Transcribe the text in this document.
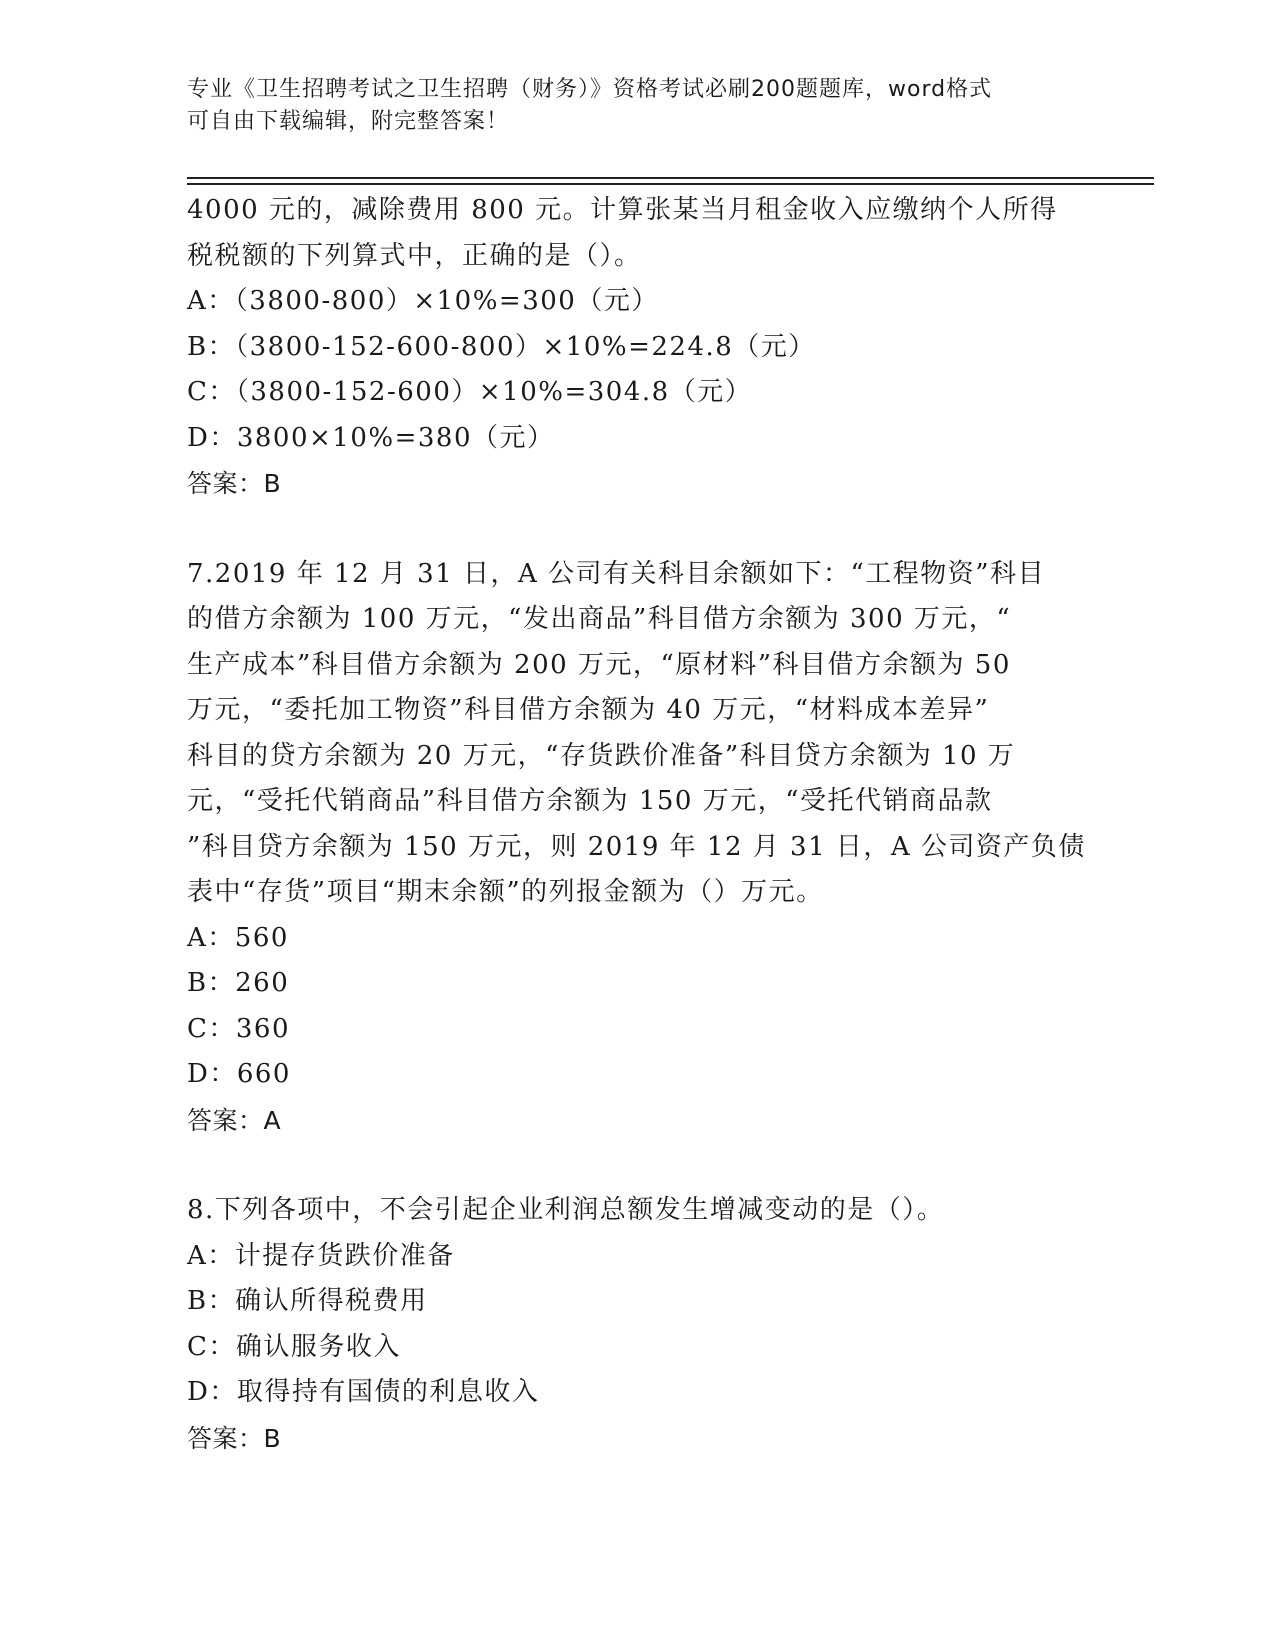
专业《卫生招聘考试之卫生招聘（财务）》资格考试必刷200题题库，word格式
可自由下载编辑，附完整答案！
4000 元的，减除费用 800 元。计算张某当月租金收入应缴纳个人所得
税税额的下列算式中，正确的是（）。
A：（3800-800）×10%=300（元）
B：（3800-152-600-800）×10%=224.8（元）
C：（3800-152-600）×10%=304.8（元）
D：3800×10%=380（元）
答案：B
7.2019 年 12 月 31 日，A 公司有关科目余额如下：“工程物资”科目
的借方余额为 100 万元，“发出商品”科目借方余额为 300 万元，“
生产成本”科目借方余额为 200 万元，“原材料”科目借方余额为 50
万元，“委托加工物资”科目借方余额为 40 万元，“材料成本差异”
科目的贷方余额为 20 万元，“存货跌价准备”科目贷方余额为 10 万
元，“受托代销商品”科目借方余额为 150 万元，“受托代销商品款
”科目贷方余额为 150 万元，则 2019 年 12 月 31 日，A 公司资产负债
表中“存货”项目“期末余额”的列报金额为（）万元。
A：560
B：260
C：360
D：660
答案：A
8.下列各项中，不会引起企业利润总额发生增减变动的是（）。
A：计提存货跌价准备
B：确认所得税费用
C：确认服务收入
D：取得持有国债的利息收入
答案：B
